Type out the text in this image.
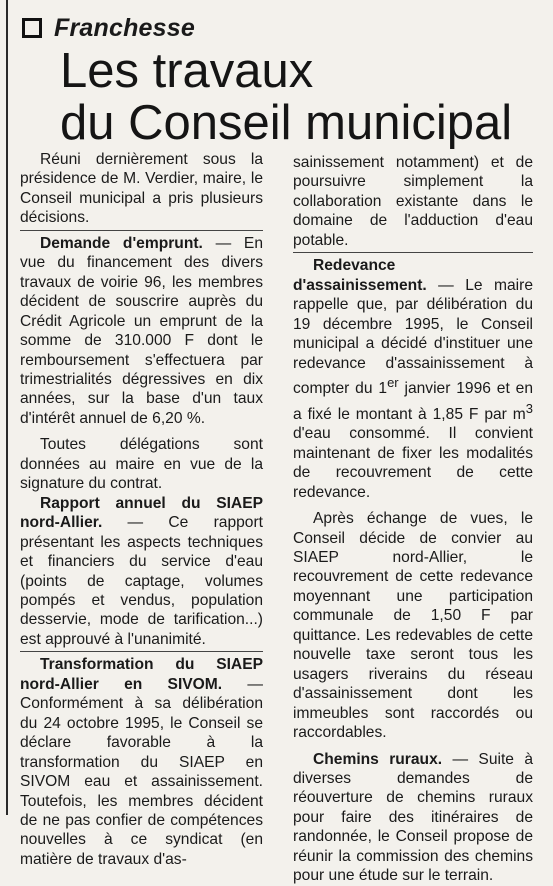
Franchesse
Les travaux
du Conseil municipal

Réuni dernièrement sous la présidence de M. Verdier, maire, le Conseil municipal a pris plusieurs décisions.

Demande d'emprunt. — En vue du financement des divers travaux de voirie 96, les membres décident de souscrire auprès du Crédit Agricole un emprunt de la somme de 310.000 F dont le remboursement s'effectuera par trimestrialités dégressives en dix années, sur la base d'un taux d'intérêt annuel de 6,20 %.

Toutes délégations sont données au maire en vue de la signature du contrat.

Rapport annuel du SIAEP nord-Allier. — Ce rapport présentant les aspects techniques et financiers du service d'eau (points de captage, volumes pompés et vendus, population desservie, mode de tarification...) est approuvé à l'unanimité.

Transformation du SIAEP nord-Allier en SIVOM. — Conformément à sa délibération du 24 octobre 1995, le Conseil se déclare favorable à la transformation du SIAEP en SIVOM eau et assainissement. Toutefois, les membres décident de ne pas confier de compétences nouvelles à ce syndicat (en matière de travaux d'as-

sainissement notamment) et de poursuivre simplement la collaboration existante dans le domaine de l'adduction d'eau potable.

Redevance d'assainissement. — Le maire rappelle que, par délibération du 19 décembre 1995, le Conseil municipal a décidé d'instituer une redevance d'assainissement à compter du 1er janvier 1996 et en a fixé le montant à 1,85 F par $m^3$ d'eau consommé. Il convient maintenant de fixer les modalités de recouvrement de cette redevance.

Après échange de vues, le Conseil décide de convier au SIAEP nord-Allier, le recouvrement de cette redevance moyennant une participation communale de 1,50 F par quittance. Les redevables de cette nouvelle taxe seront tous les usagers riverains du réseau d'assainissement dont les immeubles sont raccordés ou raccordables.

Chemins ruraux. — Suite à diverses demandes de réouverture de chemins ruraux pour faire des itinéraires de randonnée, le Conseil propose de réunir la commission des chemins pour une étude sur le terrain.
